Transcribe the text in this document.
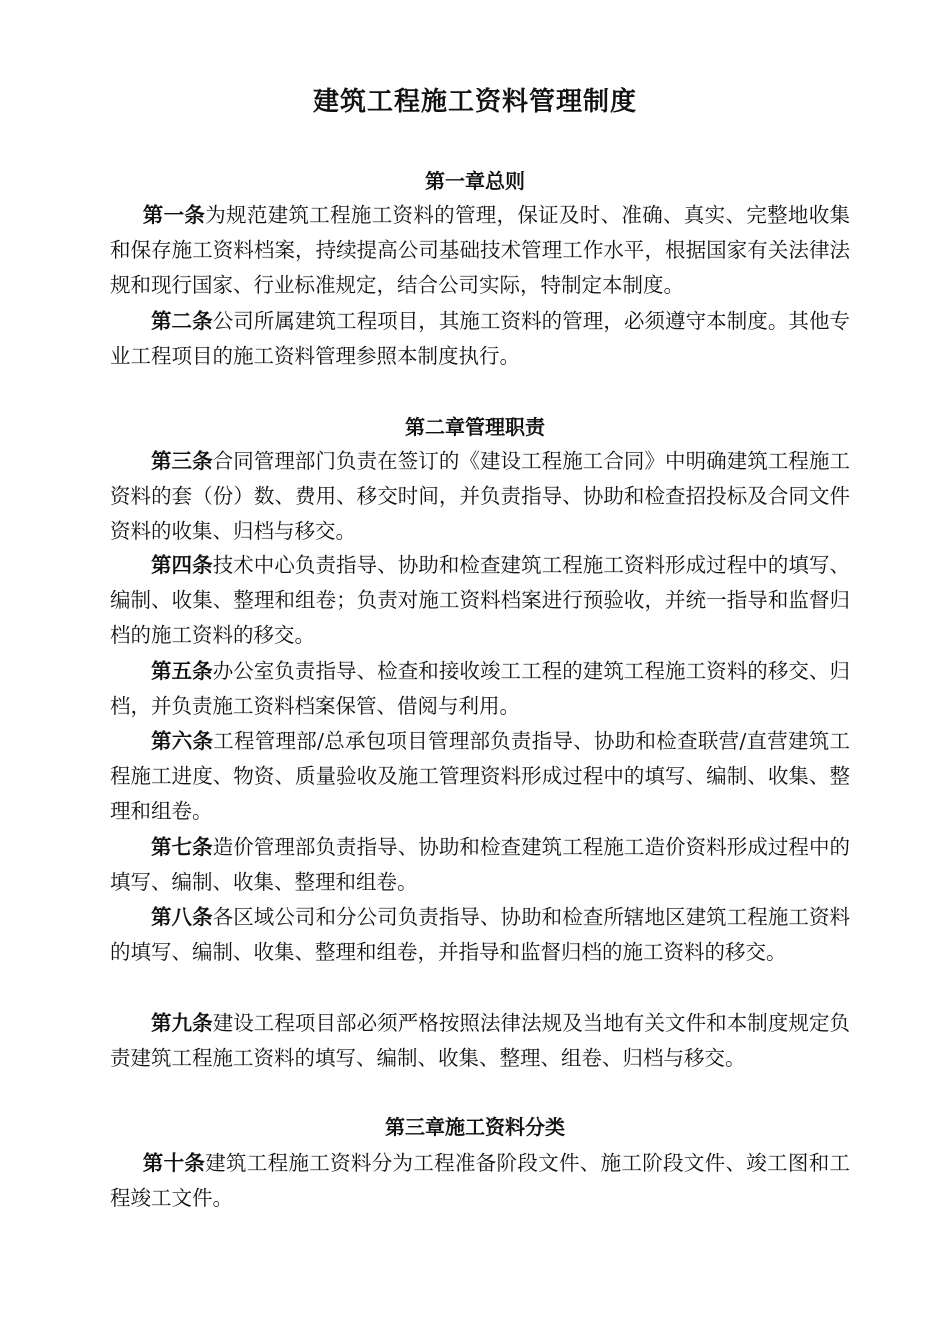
建筑工程施工资料管理制度
第一章总则
第一条为规范建筑工程施工资料的管理，保证及时、准确、真实、完整地收集和保存施工资料档案，持续提高公司基础技术管理工作水平，根据国家有关法律法规和现行国家、行业标准规定，结合公司实际，特制定本制度。
第二条公司所属建筑工程项目，其施工资料的管理，必须遵守本制度。其他专业工程项目的施工资料管理参照本制度执行。
第二章管理职责
第三条合同管理部门负责在签订的《建设工程施工合同》中明确建筑工程施工资料的套（份）数、费用、移交时间，并负责指导、协助和检查招投标及合同文件资料的收集、归档与移交。
第四条技术中心负责指导、协助和检查建筑工程施工资料形成过程中的填写、编制、收集、整理和组卷；负责对施工资料档案进行预验收，并统一指导和监督归档的施工资料的移交。
第五条办公室负责指导、检查和接收竣工工程的建筑工程施工资料的移交、归档，并负责施工资料档案保管、借阅与利用。
第六条工程管理部/总承包项目管理部负责指导、协助和检查联营/直营建筑工程施工进度、物资、质量验收及施工管理资料形成过程中的填写、编制、收集、整理和组卷。
第七条造价管理部负责指导、协助和检查建筑工程施工造价资料形成过程中的填写、编制、收集、整理和组卷。
第八条各区域公司和分公司负责指导、协助和检查所辖地区建筑工程施工资料的填写、编制、收集、整理和组卷，并指导和监督归档的施工资料的移交。
第九条建设工程项目部必须严格按照法律法规及当地有关文件和本制度规定负责建筑工程施工资料的填写、编制、收集、整理、组卷、归档与移交。
第三章施工资料分类
第十条建筑工程施工资料分为工程准备阶段文件、施工阶段文件、竣工图和工程竣工文件。
